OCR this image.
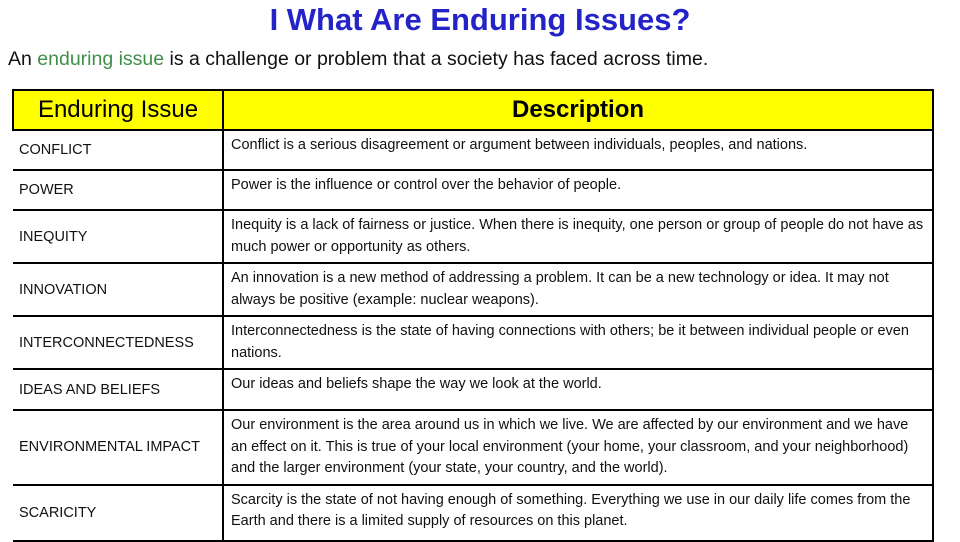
I What Are Enduring Issues?
An enduring issue is a challenge or problem that a society has faced across time.
Enduring Issue	Description
CONFLICT	Conflict is a serious disagreement or argument between individuals, peoples, and nations.
POWER	Power is the influence or control over the behavior of people.
INEQUITY	Inequity is a lack of fairness or justice. When there is inequity, one person or group of people do not have as much power or opportunity as others.
INNOVATION	An innovation is a new method of addressing a problem. It can be a new technology or idea. It may not always be positive (example: nuclear weapons).
INTERCONNECTEDNESS	Interconnectedness is the state of having connections with others; be it between individual people or even nations.
IDEAS AND BELIEFS	Our ideas and beliefs shape the way we look at the world.
ENVIRONMENTAL IMPACT	Our environment is the area around us in which we live. We are affected by our environment and we have an effect on it. This is true of your local environment (your home, your classroom, and your neighborhood) and the larger environment (your state, your country, and the world).
SCARICITY	Scarcity is the state of not having enough of something. Everything we use in our daily life comes from the Earth and there is a limited supply of resources on this planet.
